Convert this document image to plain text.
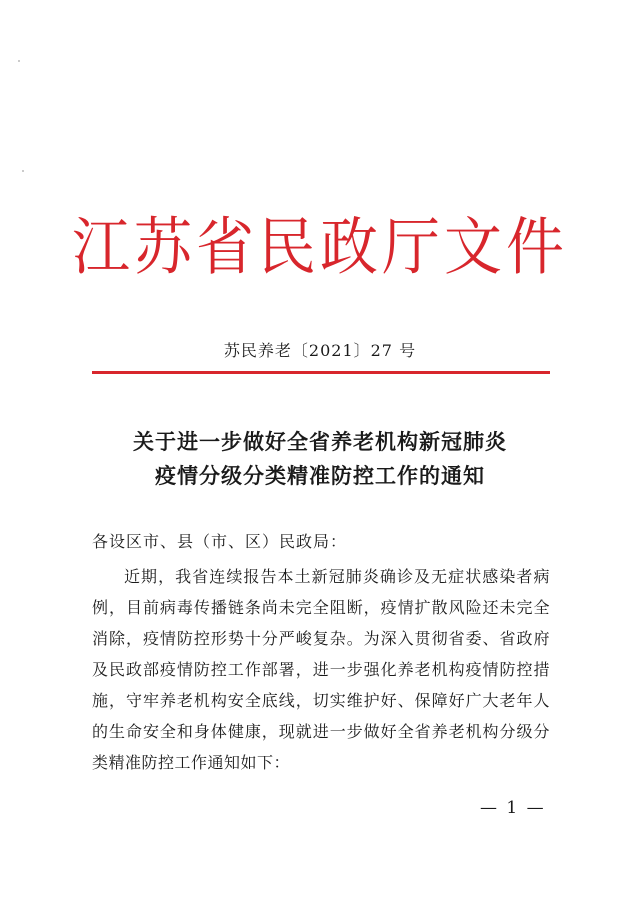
江苏省民政厅文件
苏民养老〔2021〕27 号
关于进一步做好全省养老机构新冠肺炎
疫情分级分类精准防控工作的通知
各设区市、县（市、区）民政局：
近期，我省连续报告本土新冠肺炎确诊及无症状感染者病例，目前病毒传播链条尚未完全阻断，疫情扩散风险还未完全消除，疫情防控形势十分严峻复杂。为深入贯彻省委、省政府及民政部疫情防控工作部署，进一步强化养老机构疫情防控措施，守牢养老机构安全底线，切实维护好、保障好广大老年人的生命安全和身体健康，现就进一步做好全省养老机构分级分类精准防控工作通知如下：
— 1 —
